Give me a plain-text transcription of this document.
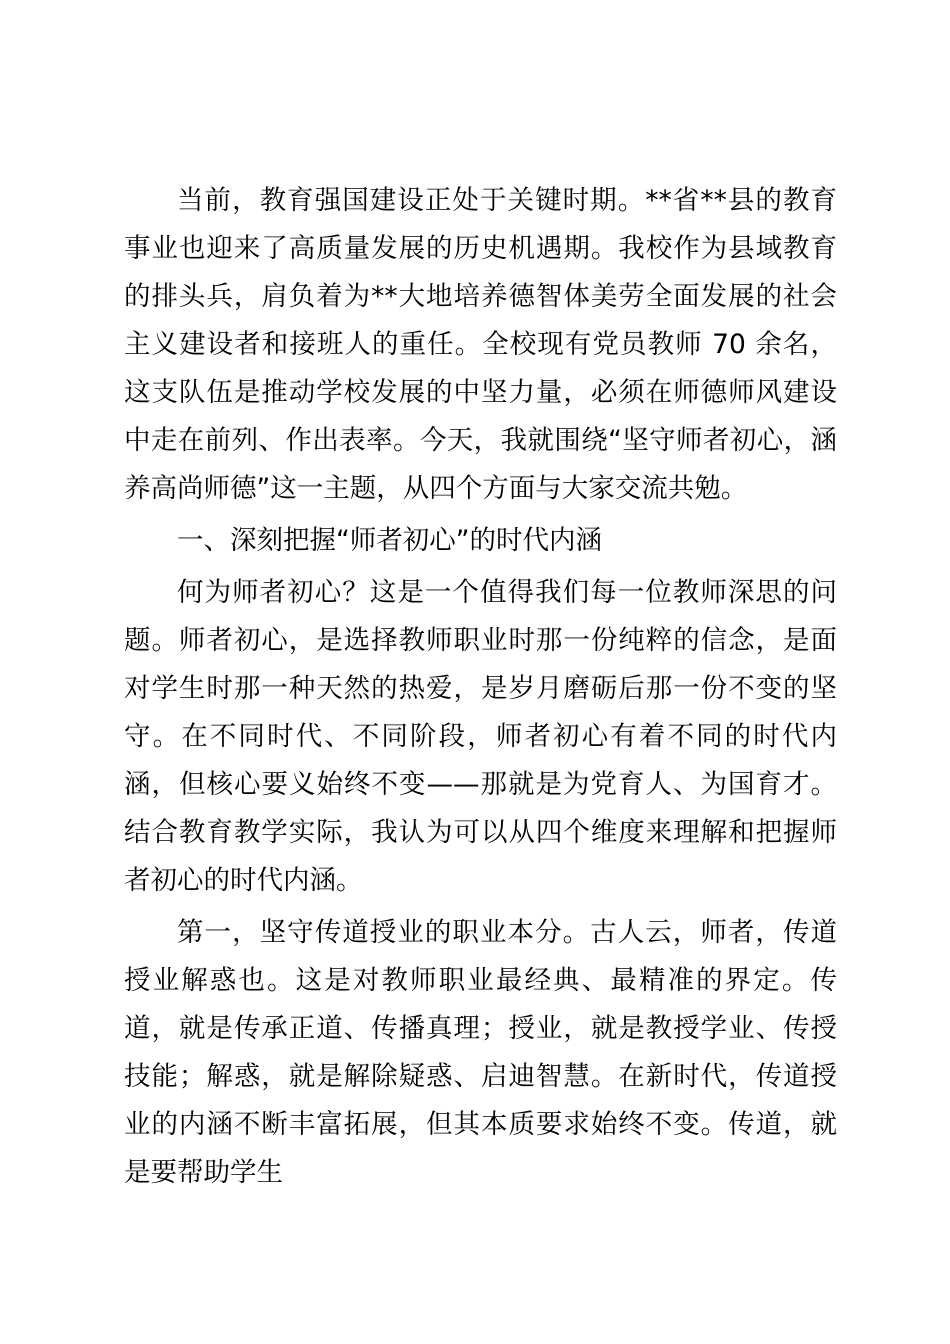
当前，教育强国建设正处于关键时期。**省**县的教育事业也迎来了高质量发展的历史机遇期。我校作为县域教育的排头兵，肩负着为**大地培养德智体美劳全面发展的社会主义建设者和接班人的重任。全校现有党员教师 70 余名，这支队伍是推动学校发展的中坚力量，必须在师德师风建设中走在前列、作出表率。今天，我就围绕“坚守师者初心，涵养高尚师德”这一主题，从四个方面与大家交流共勉。

一、深刻把握“师者初心”的时代内涵

何为师者初心？这是一个值得我们每一位教师深思的问题。师者初心，是选择教师职业时那一份纯粹的信念，是面对学生时那一种天然的热爱，是岁月磨砺后那一份不变的坚守。在不同时代、不同阶段，师者初心有着不同的时代内涵，但核心要义始终不变——那就是为党育人、为国育才。结合教育教学实际，我认为可以从四个维度来理解和把握师者初心的时代内涵。

第一，坚守传道授业的职业本分。古人云，师者，传道授业解惑也。这是对教师职业最经典、最精准的界定。传道，就是传承正道、传播真理；授业，就是教授学业、传授技能；解惑，就是解除疑惑、启迪智慧。在新时代，传道授业的内涵不断丰富拓展，但其本质要求始终不变。传道，就是要帮助学生
